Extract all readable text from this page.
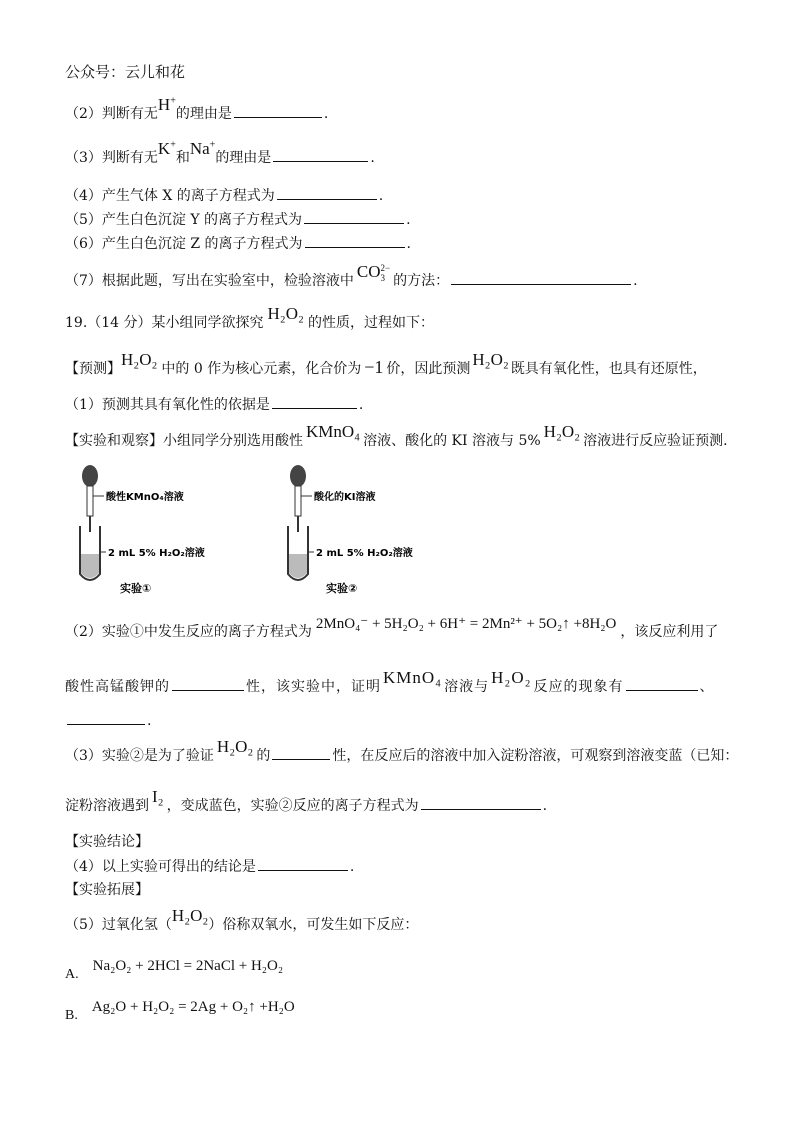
公众号：云儿和花
（2）判断有无H+的理由是	.
（3）判断有无K+和Na+的理由是	.
（4）产生气体 X 的离子方程式为	.
（5）产生白色沉淀 Y 的离子方程式为	.
（6）产生白色沉淀 Z 的离子方程式为	.
（7）根据此题，写出在实验室中，检验溶液中 CO 2−
3 的方法：	.
19.（14 分）某小组同学欲探究 H₂O₂ 的性质，过程如下：
【预测】H₂O₂ 中的 0 作为核心元素，化合价为 −1 价，因此预测 H₂O₂ 既具有氧化性，也具有还原性，
（1）预测其具有氧化性的依据是	.
【实验和观察】小组同学分别选用酸性 KMnO₄ 溶液、酸化的 KI 溶液与 5% H₂O₂ 溶液进行反应验证预测.
酸性KMnO₄溶液
2 mL 5% H₂O₂溶液
实验①
酸化的KI溶液
2 mL 5% H₂O₂溶液
实验②
（2）实验①中发生反应的离子方程式为 2MnO₄⁻ + 5H₂O₂ + 6H⁺ = 2Mn²⁺ + 5O₂↑ +8H₂O ，该反应利用了
酸性高锰酸钾的	性，该实验中，证明 KMnO₄ 溶液与 H₂O₂ 反应的现象有	、
.
（3）实验②是为了验证 H₂O₂ 的	性，在反应后的溶液中加入淀粉溶液，可观察到溶液变蓝（已知：
淀粉溶液遇到 I₂ ，变成蓝色，实验②反应的离子方程式为	.
【实验结论】
（4）以上实验可得出的结论是	.
【实验拓展】
（5）过氧化氢（H₂O₂）俗称双氧水，可发生如下反应：
A.Na₂O₂ + 2HCl = 2NaCl + H₂O₂
B.Ag₂O + H₂O₂ = 2Ag + O₂↑ +H₂O
